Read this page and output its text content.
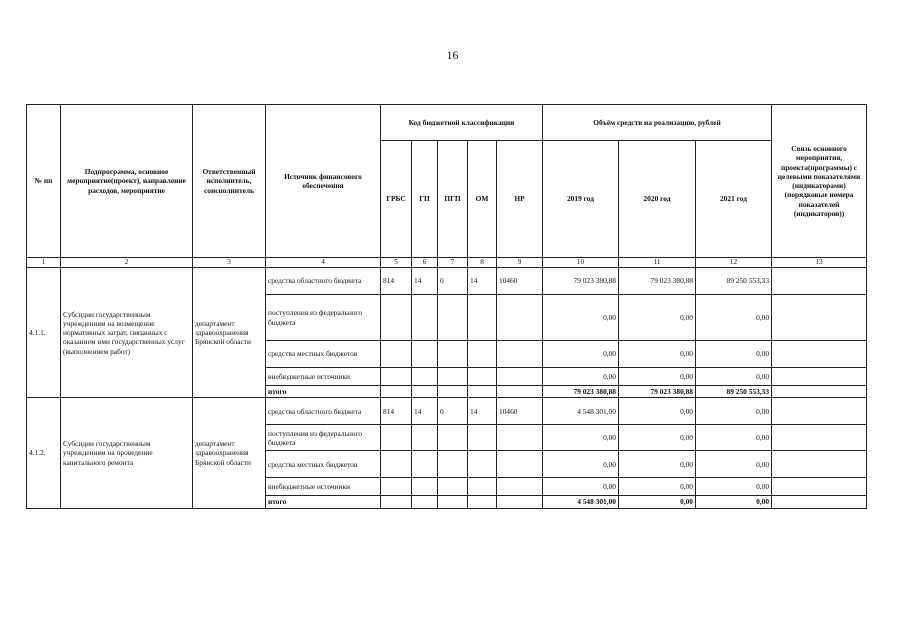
16
№ пп	Подпрограмма, основное мероприятие(проект), направление расходов, мероприятие	Ответственный исполнитель, соисполнитель	Источник финансового обеспечения	Код бюджетной классификации					Объём средств на реализацию, рублей			Связь основного мероприятия, проекта(программы) с целевыми показателями (индикаторами) (порядковые номера показателей (индикаторов))
				ГРБС	ГП	ПГП	ОМ	НР	2019 год	2020 год	2021 год	
1	2	3	4	5	6	7	8	9	10	11	12	13
4.1.1.	Субсидии государственным учреждениям на возмещение нормативных затрат, связанных с оказанием ими государственных услуг (выполнением работ)	департамент здравоохранения Брянской области	средства областного бюджета	814	14	0	14	10460	79 023 380,88	79 023 380,88	89 250 553,33	
			поступления из федерального бюджета						0,00	0,00	0,00	
			средства местных бюджетов						0,00	0,00	0,00	
			внебюджетные источники						0,00	0,00	0,00	
			итого						79 023 380,88	79 023 380,88	89 250 553,33	
4.1.2.	Субсидии государственным учреждениям на проведение капитального ремонта	департамент здравоохранения Брянской области	средства областного бюджета	814	14	0	14	10460	4 548 301,00	0,00	0,00	
			поступления из федерального бюджета						0,00	0,00	0,00	
			средства местных бюджетов						0,00	0,00	0,00	
			внебюджетные источники						0,00	0,00	0,00	
			итого						4 548 301,00	0,00	0,00	
